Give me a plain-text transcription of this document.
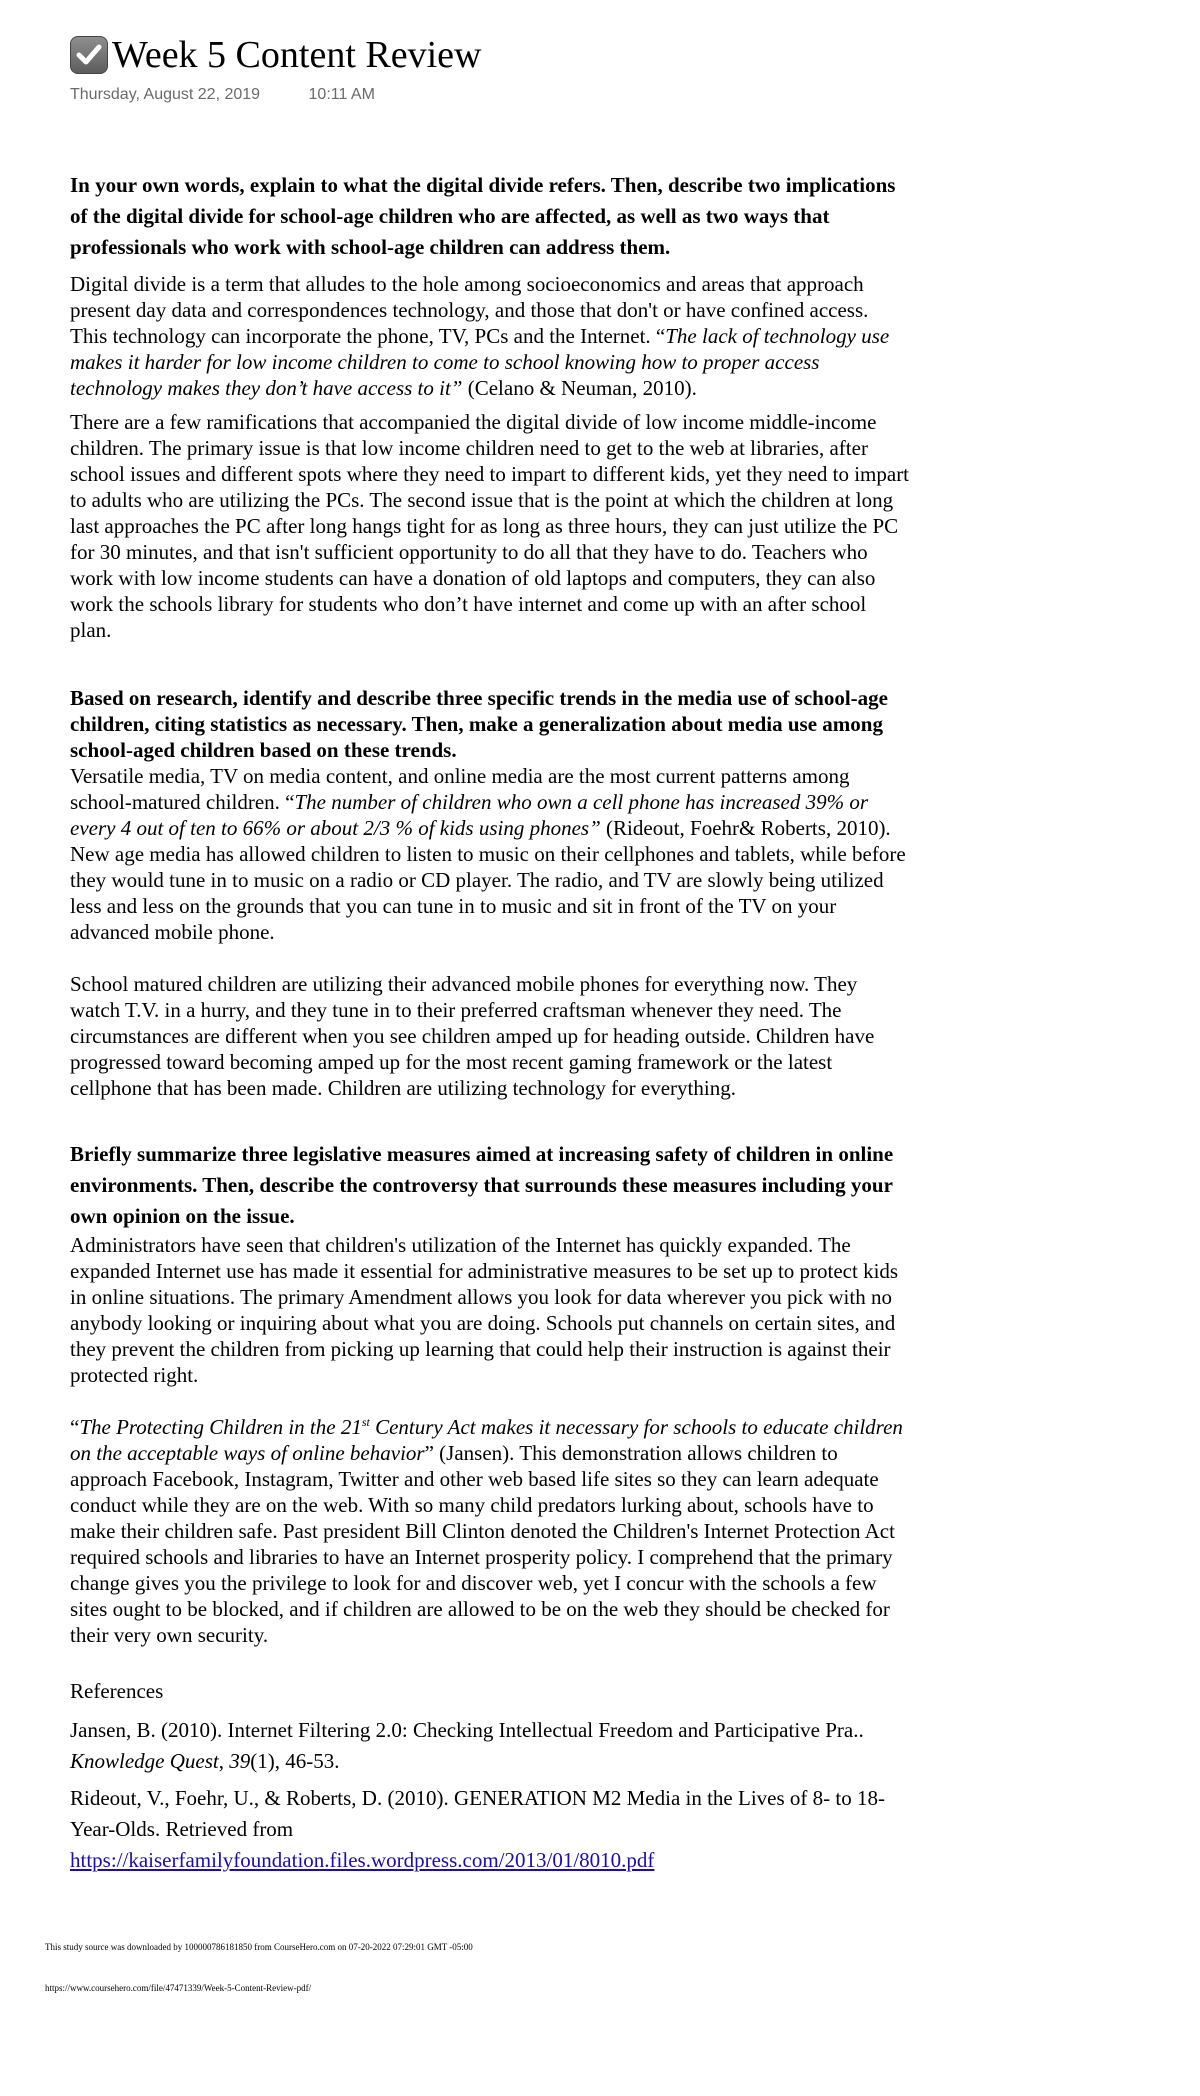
Week 5 Content Review
Thursday, August 22, 2019	10:11 AM

In your own words, explain to what the digital divide refers. Then, describe two implications of the digital divide for school-age children who are affected, as well as two ways that professionals who work with school-age children can address them.

Digital divide is a term that alludes to the hole among socioeconomics and areas that approach present day data and correspondences technology, and those that don't or have confined access. This technology can incorporate the phone, TV, PCs and the Internet. “The lack of technology use makes it harder for low income children to come to school knowing how to proper access technology makes they don’t have access to it” (Celano & Neuman, 2010).

There are a few ramifications that accompanied the digital divide of low income middle-income children. The primary issue is that low income children need to get to the web at libraries, after school issues and different spots where they need to impart to different kids, yet they need to impart to adults who are utilizing the PCs. The second issue that is the point at which the children at long last approaches the PC after long hangs tight for as long as three hours, they can just utilize the PC for 30 minutes, and that isn't sufficient opportunity to do all that they have to do. Teachers who work with low income students can have a donation of old laptops and computers, they can also work the schools library for students who don’t have internet and come up with an after school plan.

Based on research, identify and describe three specific trends in the media use of school-age children, citing statistics as necessary. Then, make a generalization about media use among school-aged children based on these trends.

Versatile media, TV on media content, and online media are the most current patterns among school-matured children. “The number of children who own a cell phone has increased 39% or every 4 out of ten to 66% or about 2/3 % of kids using phones” (Rideout, Foehr& Roberts, 2010). New age media has allowed children to listen to music on their cellphones and tablets, while before they would tune in to music on a radio or CD player. The radio, and TV are slowly being utilized less and less on the grounds that you can tune in to music and sit in front of the TV on your advanced mobile phone.

School matured children are utilizing their advanced mobile phones for everything now. They watch T.V. in a hurry, and they tune in to their preferred craftsman whenever they need. The circumstances are different when you see children amped up for heading outside. Children have progressed toward becoming amped up for the most recent gaming framework or the latest cellphone that has been made. Children are utilizing technology for everything.

Briefly summarize three legislative measures aimed at increasing safety of children in online environments. Then, describe the controversy that surrounds these measures including your own opinion on the issue.

Administrators have seen that children's utilization of the Internet has quickly expanded. The expanded Internet use has made it essential for administrative measures to be set up to protect kids in online situations. The primary Amendment allows you look for data wherever you pick with no anybody looking or inquiring about what you are doing. Schools put channels on certain sites, and they prevent the children from picking up learning that could help their instruction is against their protected right.

“The Protecting Children in the 21st Century Act makes it necessary for schools to educate children on the acceptable ways of online behavior” (Jansen). This demonstration allows children to approach Facebook, Instagram, Twitter and other web based life sites so they can learn adequate conduct while they are on the web. With so many child predators lurking about, schools have to make their children safe. Past president Bill Clinton denoted the Children's Internet Protection Act required schools and libraries to have an Internet prosperity policy. I comprehend that the primary change gives you the privilege to look for and discover web, yet I concur with the schools a few sites ought to be blocked, and if children are allowed to be on the web they should be checked for their very own security.

References
Jansen, B. (2010). Internet Filtering 2.0: Checking Intellectual Freedom and Participative Pra.. Knowledge Quest, 39(1), 46-53.
Rideout, V., Foehr, U., & Roberts, D. (2010). GENERATION M2 Media in the Lives of 8- to 18-Year-Olds. Retrieved from
https://kaiserfamilyfoundation.files.wordpress.com/2013/01/8010.pdf
This study source was downloaded by 100000786181850 from CourseHero.com on 07-20-2022 07:29:01 GMT -05:00
https://www.coursehero.com/file/47471339/Week-5-Content-Review-pdf/
